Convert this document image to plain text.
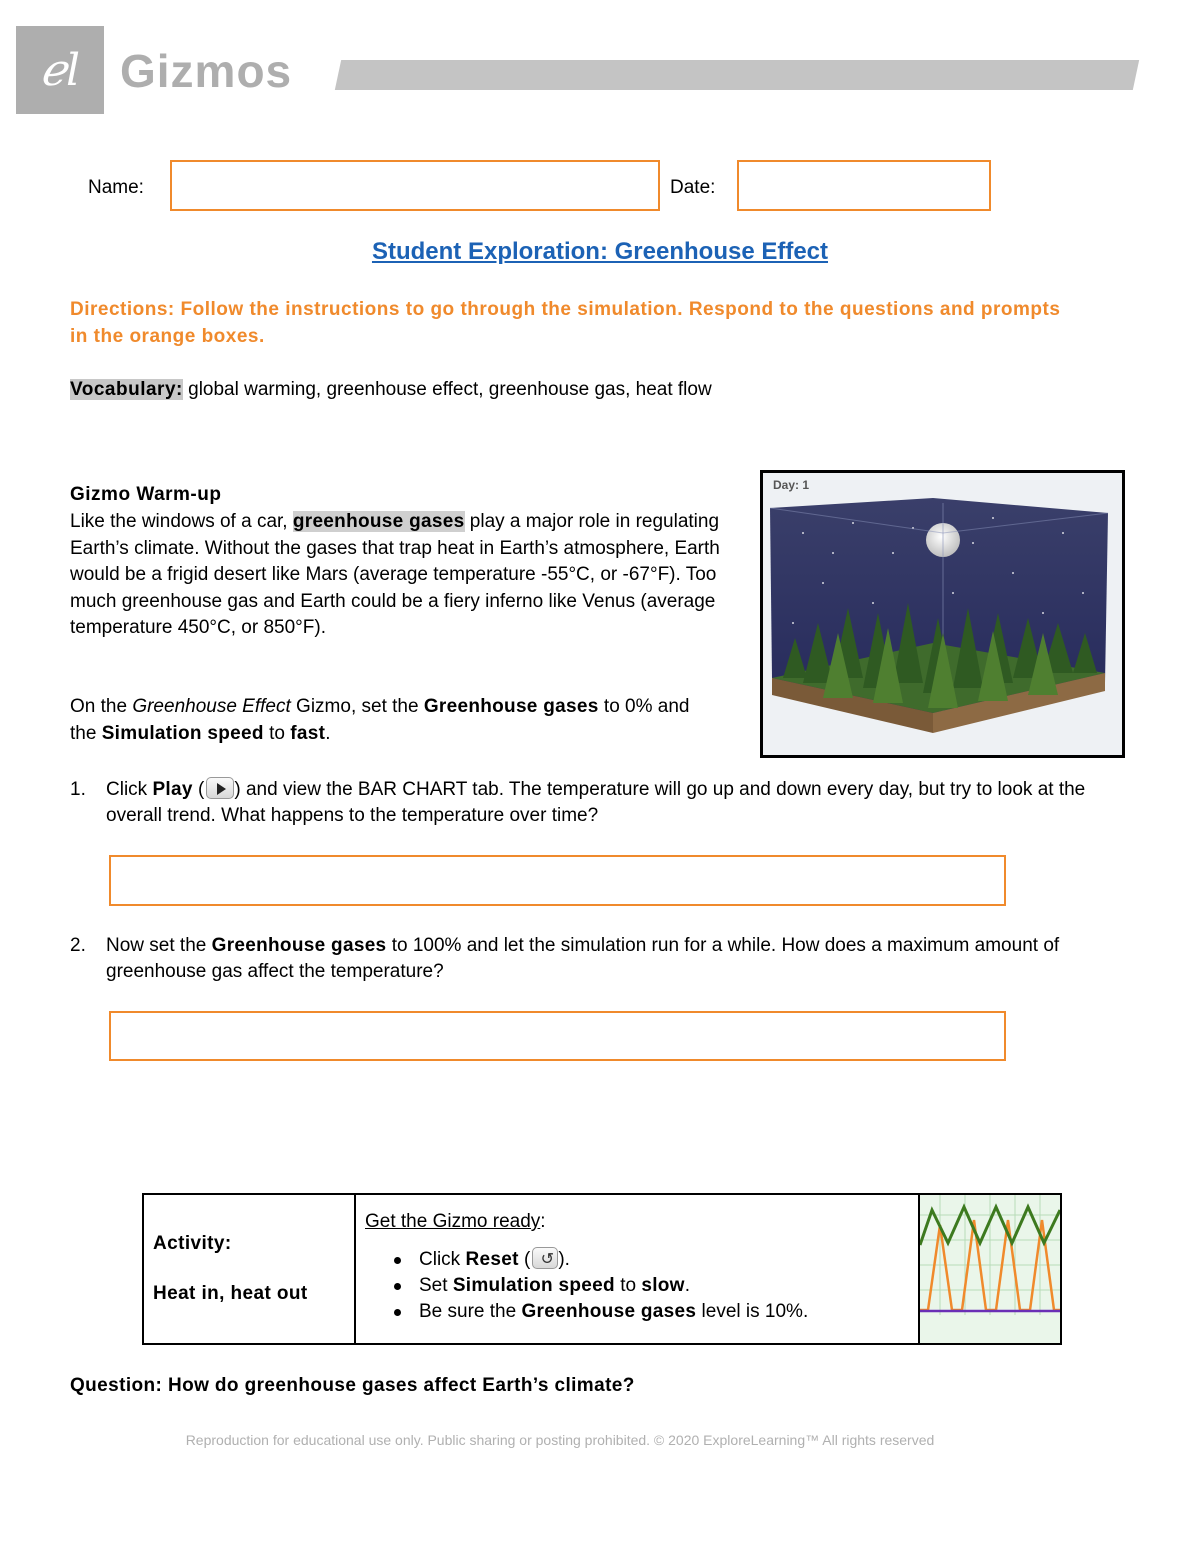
ℯl Gizmos
Name:	Date:
Student Exploration: Greenhouse Effect
Directions: Follow the instructions to go through the simulation. Respond to the questions and prompts in the orange boxes.
Vocabulary: global warming, greenhouse effect, greenhouse gas, heat flow
Gizmo Warm-up
Like the windows of a car, greenhouse gases play a major role in regulating Earth’s climate. Without the gases that trap heat in Earth’s atmosphere, Earth would be a frigid desert like Mars (average temperature -55°C, or -67°F). Too much greenhouse gas and Earth could be a fiery inferno like Venus (average temperature 450°C, or 850°F).
On the Greenhouse Effect Gizmo, set the Greenhouse gases to 0% and the Simulation speed to fast.
Day: 1
1. Click Play ( ) and view the BAR CHART tab. The temperature will go up and down every day, but try to look at the overall trend. What happens to the temperature over time?
2. Now set the Greenhouse gases to 100% and let the simulation run for a while. How does a maximum amount of greenhouse gas affect the temperature?
Activity:
Heat in, heat out
Get the Gizmo ready:
Click Reset ( ↺ ).
Set Simulation speed to slow.
Be sure the Greenhouse gases level is 10%.
Question: How do greenhouse gases affect Earth’s climate?
Reproduction for educational use only. Public sharing or posting prohibited. © 2020 ExploreLearning™ All rights reserved
